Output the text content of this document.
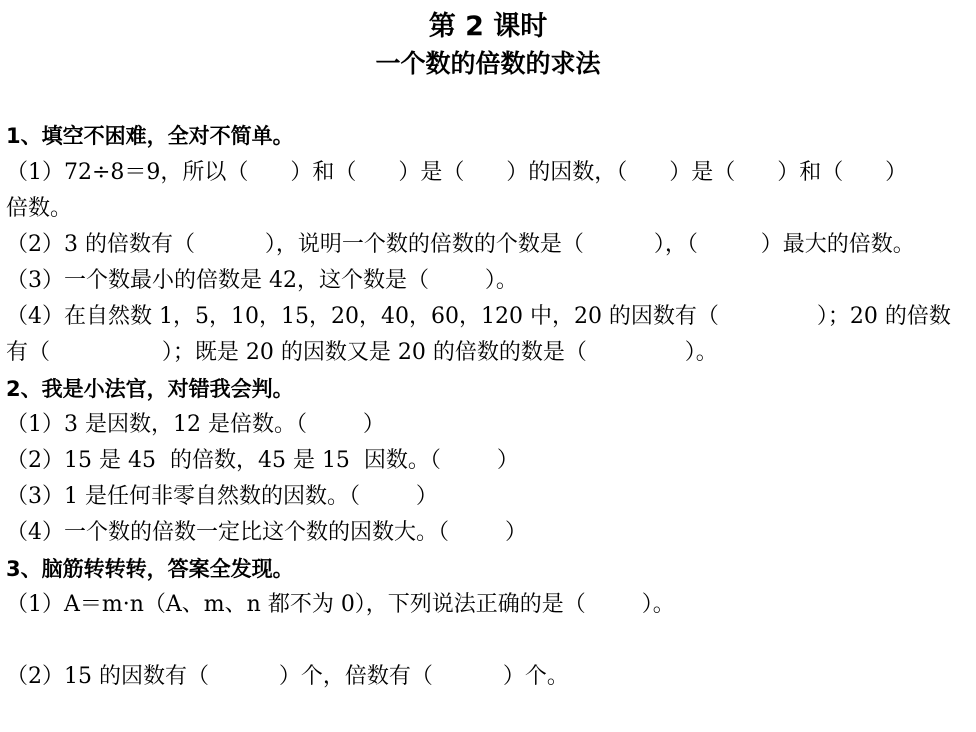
第 2 课时
一个数的倍数的求法
1、填空不困难，全对不简单。
（1）72÷8＝9，所以（      ）和（      ）是（      ）的因数，（      ）是（      ）和（      ）
倍数。
（2）3 的倍数有（          ），说明一个数的倍数的个数是（          ），（         ）最大的倍数。
（3）一个数最小的倍数是 42，这个数是（        ）。
（4）在自然数 1，5，10，15，20，40，60，120 中，20 的因数有（              ）；20 的倍数
有（                ）；既是 20 的因数又是 20 的倍数的数是（              ）。
2、我是小法官，对错我会判。
（1）3 是因数，12 是倍数。（        ）
（2）15 是 45  的倍数，45 是 15  因数。（        ）
（3）1 是任何非零自然数的因数。（        ）
（4）一个数的倍数一定比这个数的因数大。（        ）
3、脑筋转转转，答案全发现。
（1）A＝m·n（A、m、n 都不为 0），下列说法正确的是（        ）。

（2）15 的因数有（          ）个，倍数有（          ）个。
